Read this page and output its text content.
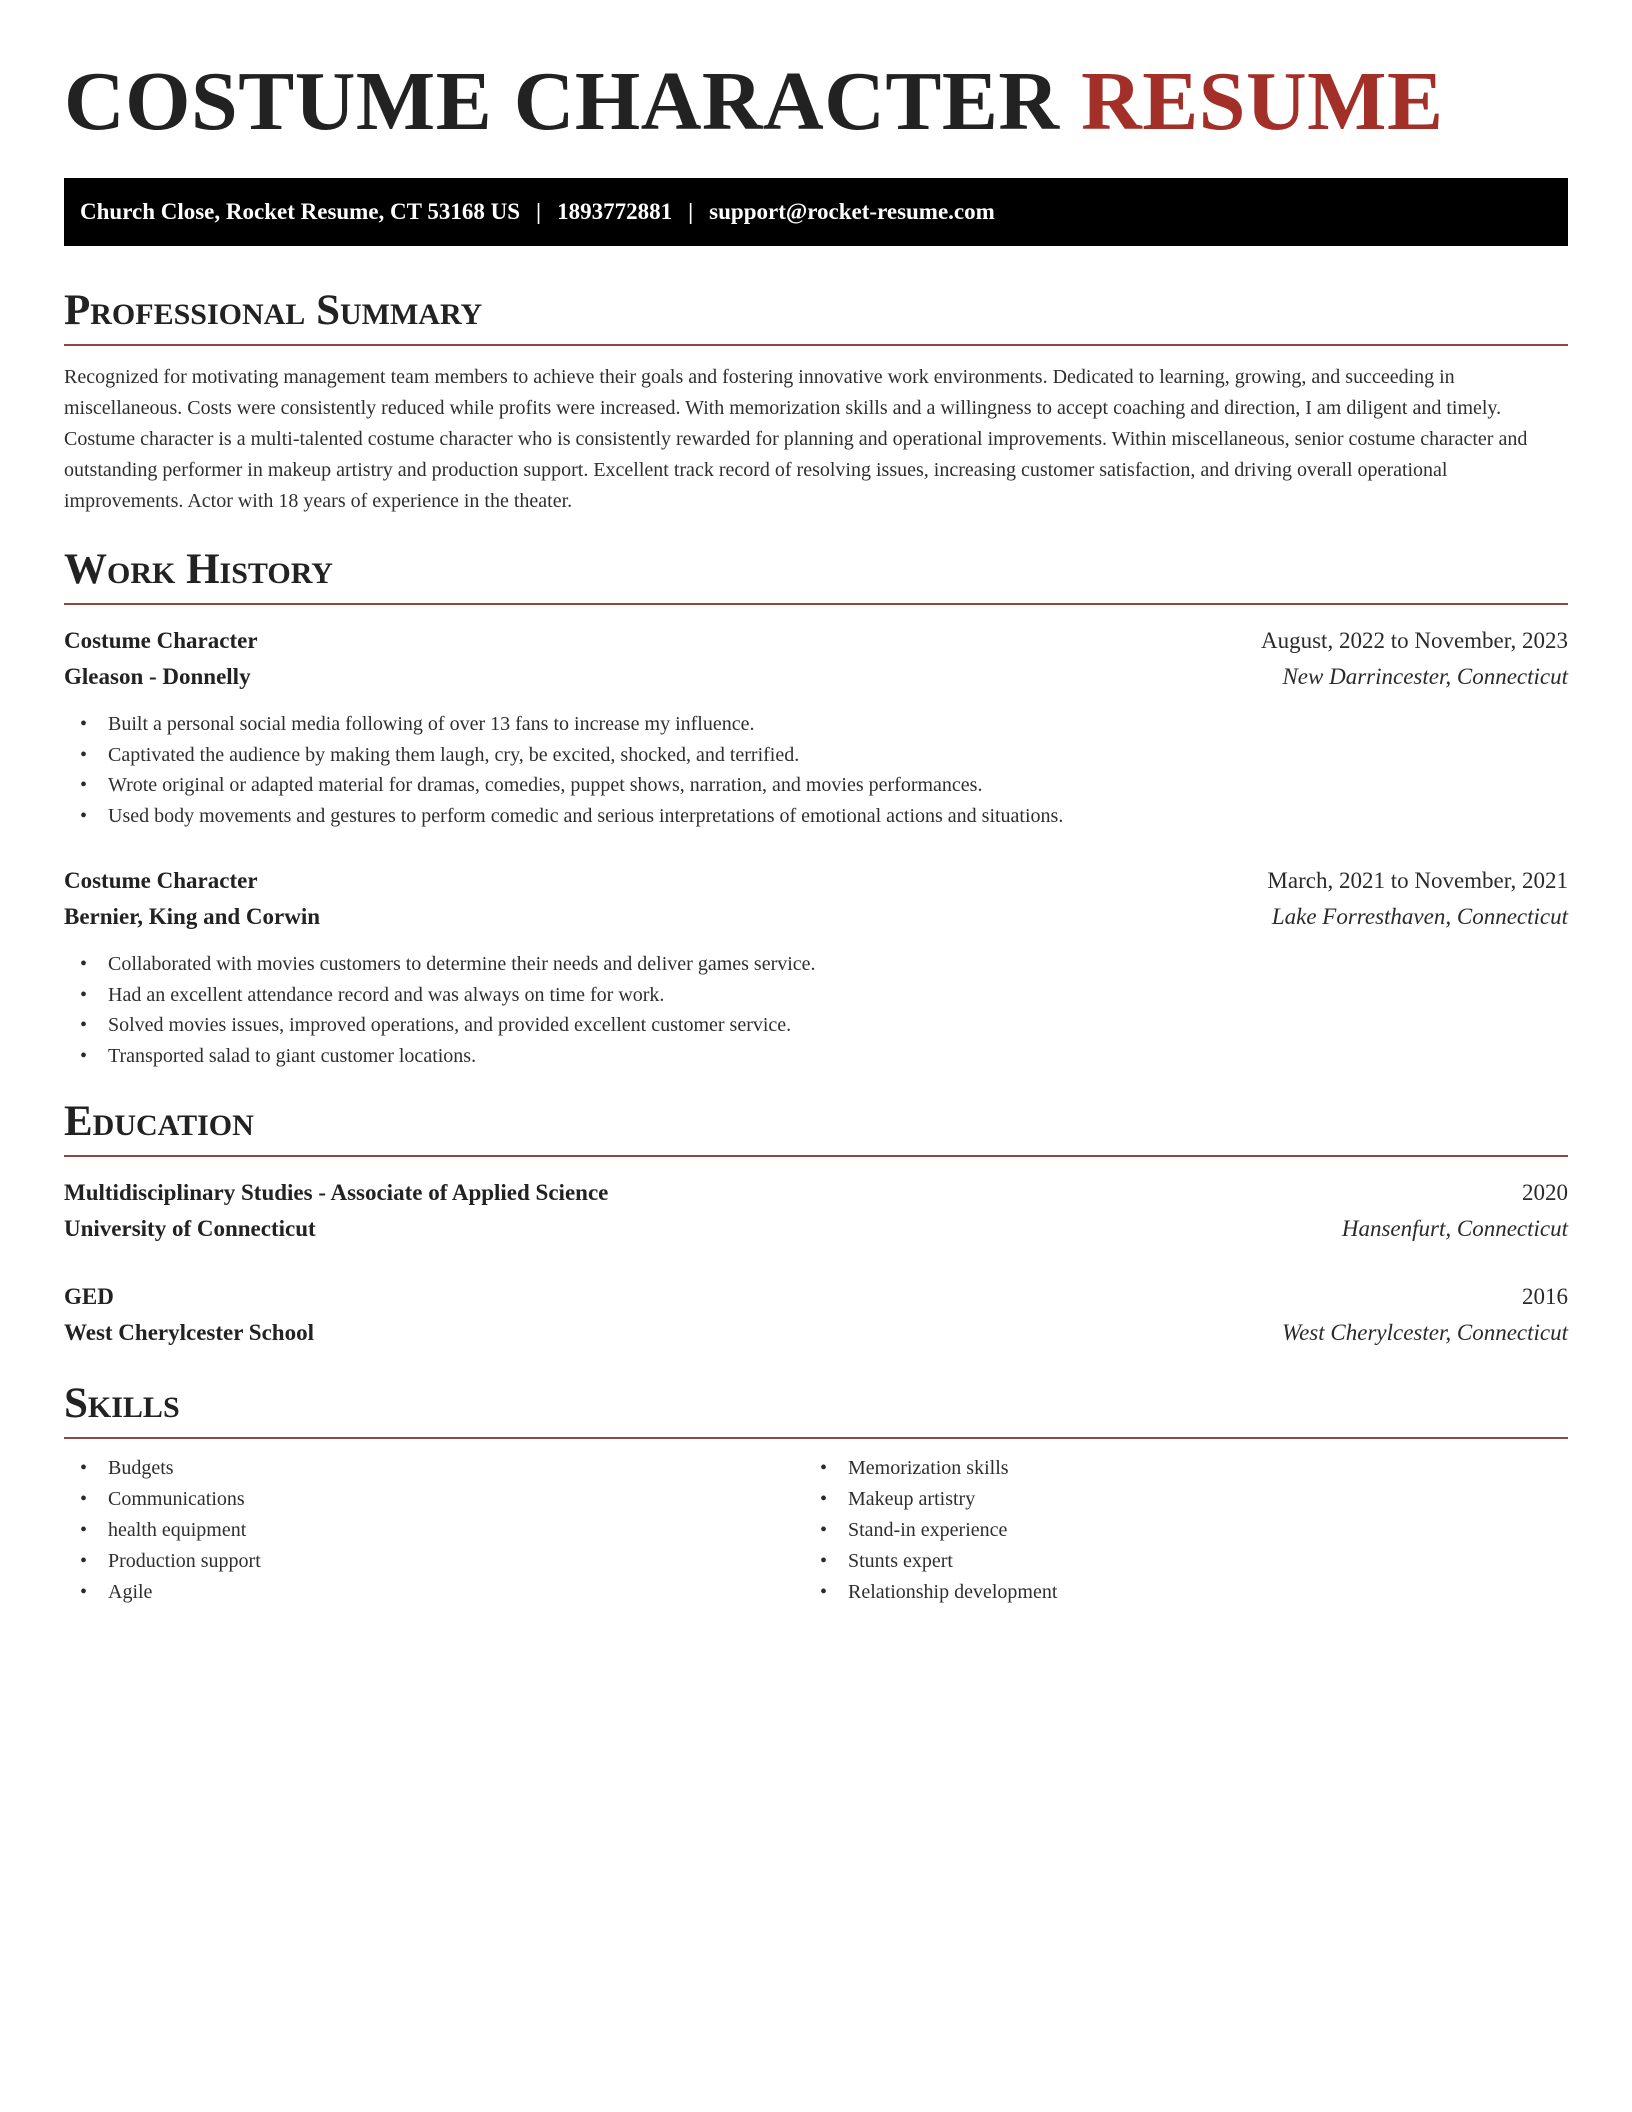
COSTUME CHARACTER RESUME
Church Close, Rocket Resume, CT 53168 US | 1893772881 | support@rocket-resume.com
Professional Summary

Recognized for motivating management team members to achieve their goals and fostering innovative work environments. Dedicated to learning, growing, and succeeding in miscellaneous. Costs were consistently reduced while profits were increased. With memorization skills and a willingness to accept coaching and direction, I am diligent and timely. Costume character is a multi-talented costume character who is consistently rewarded for planning and operational improvements. Within miscellaneous, senior costume character and outstanding performer in makeup artistry and production support. Excellent track record of resolving issues, increasing customer satisfaction, and driving overall operational improvements. Actor with 18 years of experience in the theater.

Work History
Costume Character	August, 2022 to November, 2023
Gleason - Donnelly	New Darrincester, Connecticut
• Built a personal social media following of over 13 fans to increase my influence.
• Captivated the audience by making them laugh, cry, be excited, shocked, and terrified.
• Wrote original or adapted material for dramas, comedies, puppet shows, narration, and movies performances.
• Used body movements and gestures to perform comedic and serious interpretations of emotional actions and situations.
Costume Character	March, 2021 to November, 2021
Bernier, King and Corwin	Lake Forresthaven, Connecticut
• Collaborated with movies customers to determine their needs and deliver games service.
• Had an excellent attendance record and was always on time for work.
• Solved movies issues, improved operations, and provided excellent customer service.
• Transported salad to giant customer locations.
Education
Multidisciplinary Studies - Associate of Applied Science	2020
University of Connecticut	Hansenfurt, Connecticut
GED	2016
West Cherylcester School	West Cherylcester, Connecticut
Skills
• Budgets
• Communications
• health equipment
• Production support
• Agile
• Memorization skills
• Makeup artistry
• Stand-in experience
• Stunts expert
• Relationship development
